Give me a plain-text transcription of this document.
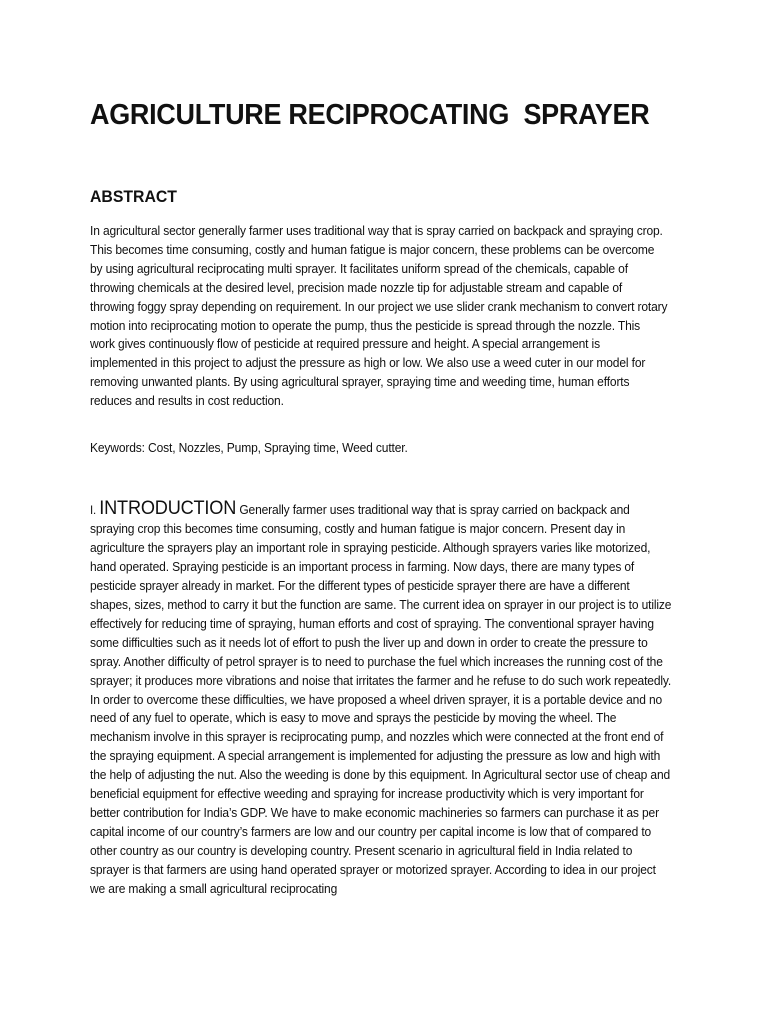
AGRICULTURE RECIPROCATING  SPRAYER
ABSTRACT

In agricultural sector generally farmer uses traditional way that is spray carried on backpack and spraying crop. This becomes time consuming, costly and human fatigue is major concern, these problems can be overcome by using agricultural reciprocating multi sprayer. It facilitates uniform spread of the chemicals, capable of throwing chemicals at the desired level, precision made nozzle tip for adjustable stream and capable of throwing foggy spray depending on requirement. In our project we use slider crank mechanism to convert rotary motion into reciprocating motion to operate the pump, thus the pesticide is spread through the nozzle. This work gives continuously flow of pesticide at required pressure and height. A special arrangement is implemented in this project to adjust the pressure as high or low. We also use a weed cuter in our model for removing unwanted plants. By using agricultural sprayer, spraying time and weeding time, human efforts reduces and results in cost reduction.

Keywords: Cost, Nozzles, Pump, Spraying time, Weed cutter.

I. INTRODUCTION Generally farmer uses traditional way that is spray carried on backpack and spraying crop this becomes time consuming, costly and human fatigue is major concern. Present day in agriculture the sprayers play an important role in spraying pesticide. Although sprayers varies like motorized, hand operated. Spraying pesticide is an important process in farming. Now days, there are many types of pesticide sprayer already in market. For the different types of pesticide sprayer there are have a different shapes, sizes, method to carry it but the function are same. The current idea on sprayer in our project is to utilize effectively for reducing time of spraying, human efforts and cost of spraying. The conventional sprayer having some difficulties such as it needs lot of effort to push the liver up and down in order to create the pressure to spray. Another difficulty of petrol sprayer is to need to purchase the fuel which increases the running cost of the sprayer; it produces more vibrations and noise that irritates the farmer and he refuse to do such work repeatedly. In order to overcome these difficulties, we have proposed a wheel driven sprayer, it is a portable device and no need of any fuel to operate, which is easy to move and sprays the pesticide by moving the wheel. The mechanism involve in this sprayer is reciprocating pump, and nozzles which were connected at the front end of the spraying equipment. A special arrangement is implemented for adjusting the pressure as low and high with the help of adjusting the nut. Also the weeding is done by this equipment. In Agricultural sector use of cheap and beneficial equipment for effective weeding and spraying for increase productivity which is very important for better contribution for India’s GDP. We have to make economic machineries so farmers can purchase it as per capital income of our country’s farmers are low and our country per capital income is low that of compared to other country as our country is developing country. Present scenario in agricultural field in India related to sprayer is that farmers are using hand operated sprayer or motorized sprayer. According to idea in our project we are making a small agricultural reciprocating
